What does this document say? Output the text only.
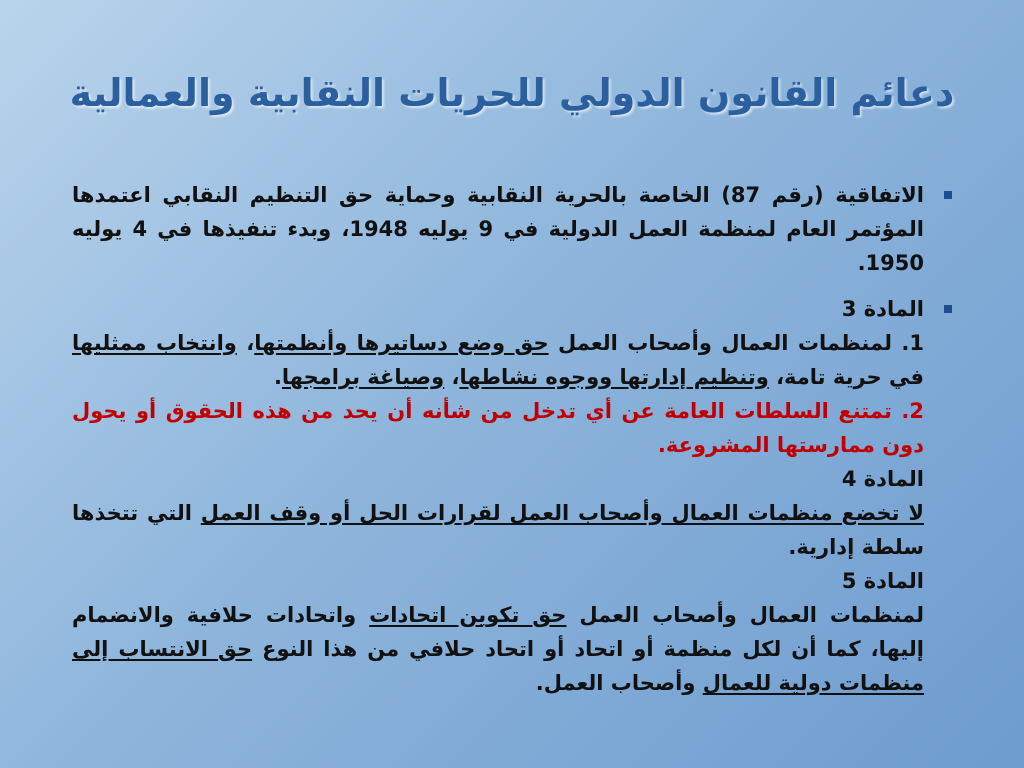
دعائم القانون الدولي للحريات النقابية والعمالية
الاتفاقية (رقم 87) الخاصة بالحرية النقابية وحماية حق التنظيم النقابي اعتمدها المؤتمر العام لمنظمة العمل الدولية في 9 يوليه 1948، وبدء تنفيذها في 4 يوليه 1950.
المادة 3
1. لمنظمات العمال وأصحاب العمل حق وضع دساتيرها وأنظمتها، وانتخاب ممثليها في حرية تامة، وتنظيم إدارتها ووجوه نشاطها، وصياغة برامجها.
2. تمتنع السلطات العامة عن أي تدخل من شأنه أن يحد من هذه الحقوق أو يحول دون ممارستها المشروعة.
المادة 4
لا تخضع منظمات العمال وأصحاب العمل لقرارات الحل أو وقف العمل التي تتخذها سلطة إدارية.
المادة 5
لمنظمات العمال وأصحاب العمل حق تكوين اتحادات واتحادات حلافية والانضمام إليها، كما أن لكل منظمة أو اتحاد أو اتحاد حلافي من هذا النوع حق الانتساب إلى منظمات دولية للعمال وأصحاب العمل.
